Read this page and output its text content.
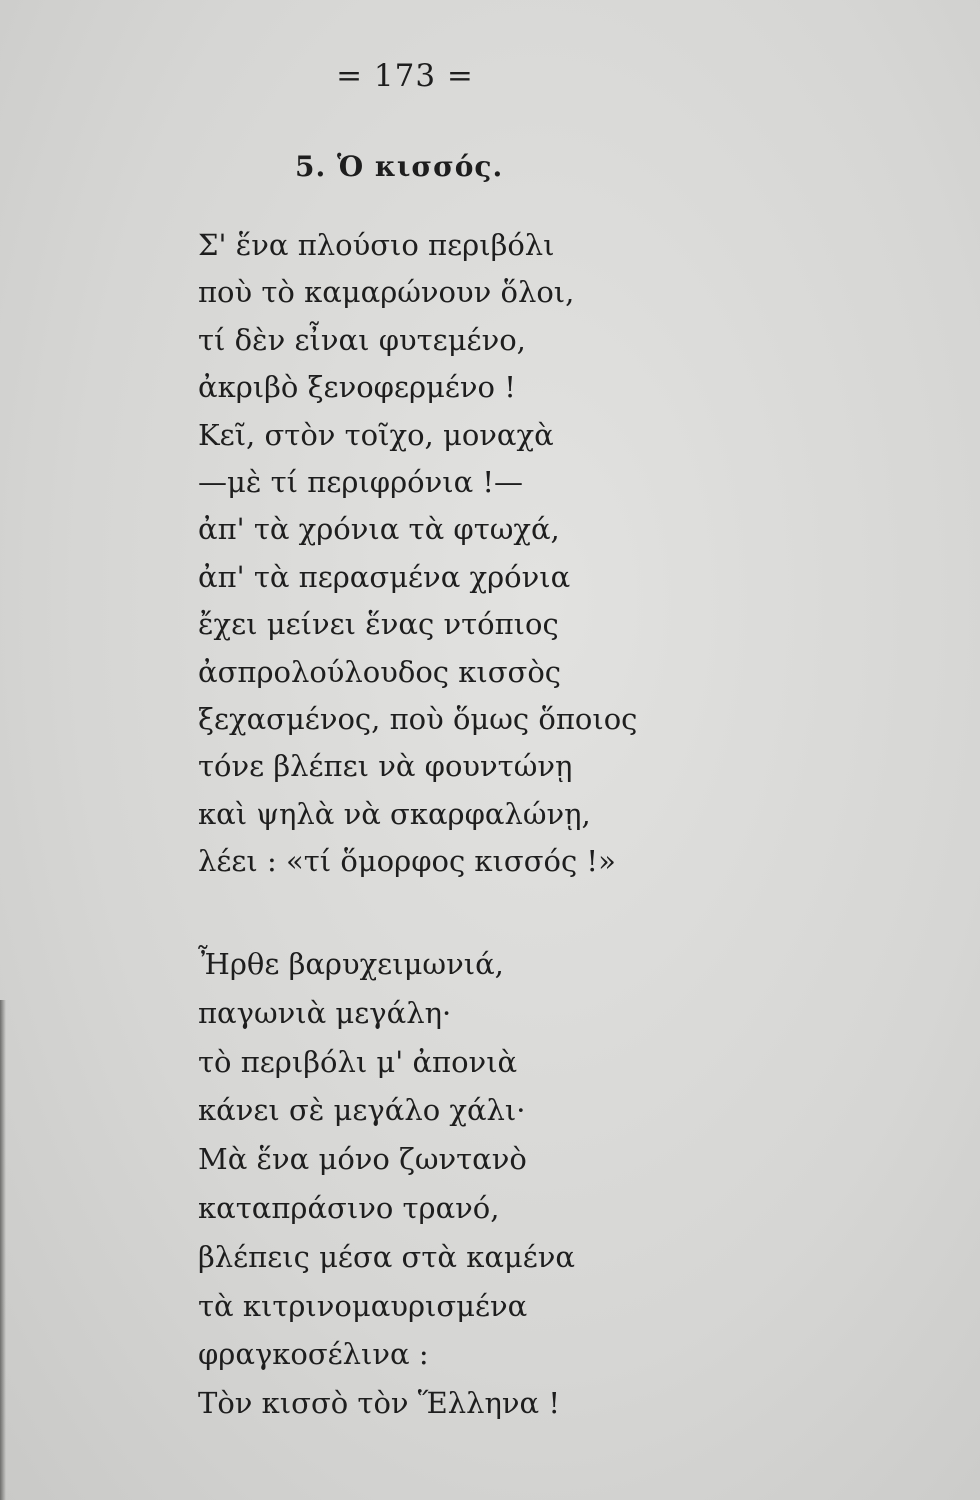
= 173 =
5. Ὁ κισσός.
Σ' ἕνα πλούσιο περιβόλι
ποὺ τὸ καμαρώνουν ὅλοι,
τί δὲν εἶναι φυτεμένο,
ἀκριβὸ ξενοφερμένο !
Κεῖ, στὸν τοῖχο, μοναχὰ
—μὲ τί περιφρόνια !—
ἀπ' τὰ χρόνια τὰ φτωχά,
ἀπ' τὰ περασμένα χρόνια
ἔχει μείνει ἕνας ντόπιος
ἀσπρολούλουδος κισσὸς
ξεχασμένος, ποὺ ὅμως ὅποιος
τόνε βλέπει νὰ φουντώνῃ
καὶ ψηλὰ νὰ σκαρφαλώνῃ,
λέει : «τί ὅμορφος κισσός !»
Ἦρθε βαρυχειμωνιά,
παγωνιὰ μεγάλη·
τὸ περιβόλι μ' ἀπονιὰ
κάνει σὲ μεγάλο χάλι·
Μὰ ἕνα μόνο ζωντανὸ
καταπράσινο τρανό,
βλέπεις μέσα στὰ καμένα
τὰ κιτρινομαυρισμένα
φραγκοσέλινα :
Τὸν κισσὸ τὸν Ἕλληνα !
